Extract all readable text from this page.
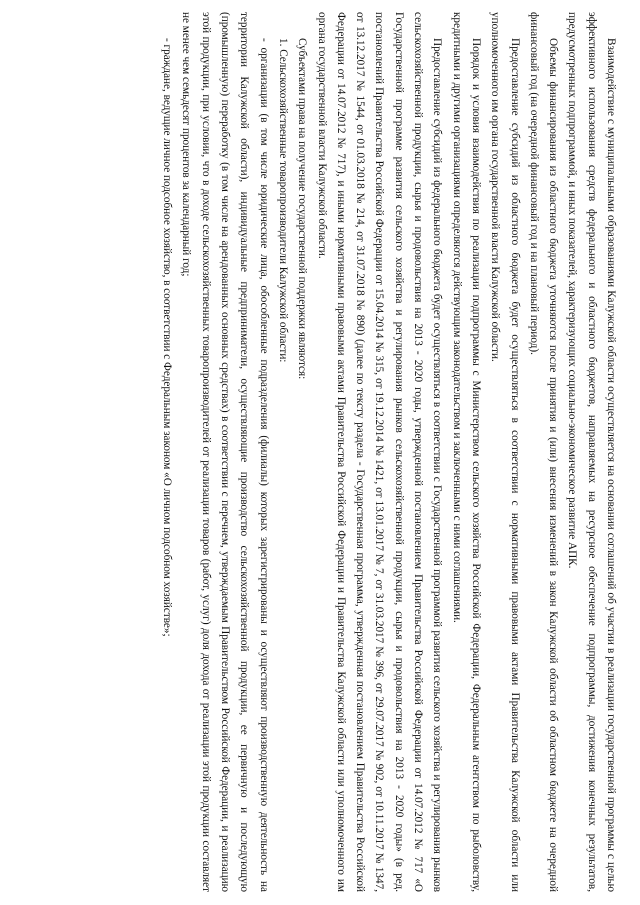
Взаимодействие с муниципальными образованиями Калужской области осуществляется на основании соглашений об участии в реализации государственной программы с целью эффективного использования средств федерального и областного бюджетов, направляемых на ресурсное обеспечение подпрограммы, достижения конечных результатов, предусмотренных подпрограммой, и иных показателей, характеризующих социально-экономическое развитие АПК.

Объемы финансирования из областного бюджета уточняются после принятия и (или) внесения изменений в закон Калужской области об областном бюджете на очередной финансовый год (на очередной финансовый год и на плановый период).

Предоставление субсидий из областного бюджета будет осуществляться в соответствии с нормативными правовыми актами Правительства Калужской области или уполномоченного им органа государственной власти Калужской области.

Порядок и условия взаимодействия по реализации подпрограммы с Министерством сельского хозяйства Российской Федерации, Федеральным агентством по рыболовству, кредитными и другими организациями определяются действующим законодательством и заключенными с ними соглашениями.

Предоставление субсидий из федерального бюджета будет осуществляться в соответствии с Государственной программой развития сельского хозяйства и регулирования рынков сельскохозяйственной продукции, сырья и продовольствия на 2013 - 2020 годы, утвержденной постановлением Правительства Российской Федерации от 14.07.2012 № 717 «О Государственной программе развития сельского хозяйства и регулирования рынков сельскохозяйственной продукции, сырья и продовольствия на 2013 - 2020 годы» (в ред. постановлений Правительства Российской Федерации от 15.04.2014 № 315, от 19.12.2014 № 1421, от 13.01.2017 № 7, от 31.03.2017 № 396, от 29.07.2017 № 902, от 10.11.2017 № 1347, от 13.12.2017 № 1544, от 01.03.2018 № 214, от 31.07.2018 № 890) (далее по тексту раздела - Государственная программа, утвержденная постановлением Правительства Российской Федерации от 14.07.2012 № 717), и иными нормативными правовыми актами Правительства Российской Федерации и Правительства Калужской области или уполномоченного им органа государственной власти Калужской области.

Субъектами права на получение государственной поддержки являются:

1. Сельскохозяйственные товаропроизводители Калужской области:

- организации (в том числе юридические лица, обособленные подразделения (филиалы) которых зарегистрированы и осуществляют производственную деятельность на территории Калужской области), индивидуальные предприниматели, осуществляющие производство сельскохозяйственной продукции, ее первичную и последующую (промышленную) переработку (в том числе на арендованных основных средствах) в соответствии с перечнем, утверждаемым Правительством Российской Федерации, и реализацию этой продукции, при условии, что в доходе сельскохозяйственных товаропроизводителей от реализации товаров (работ, услуг) доля дохода от реализации этой продукции составляет не менее чем семьдесят процентов за календарный год;

- граждане, ведущие личное подсобное хозяйство, в соответствии с Федеральным законом «О личном подсобном хозяйстве»;
